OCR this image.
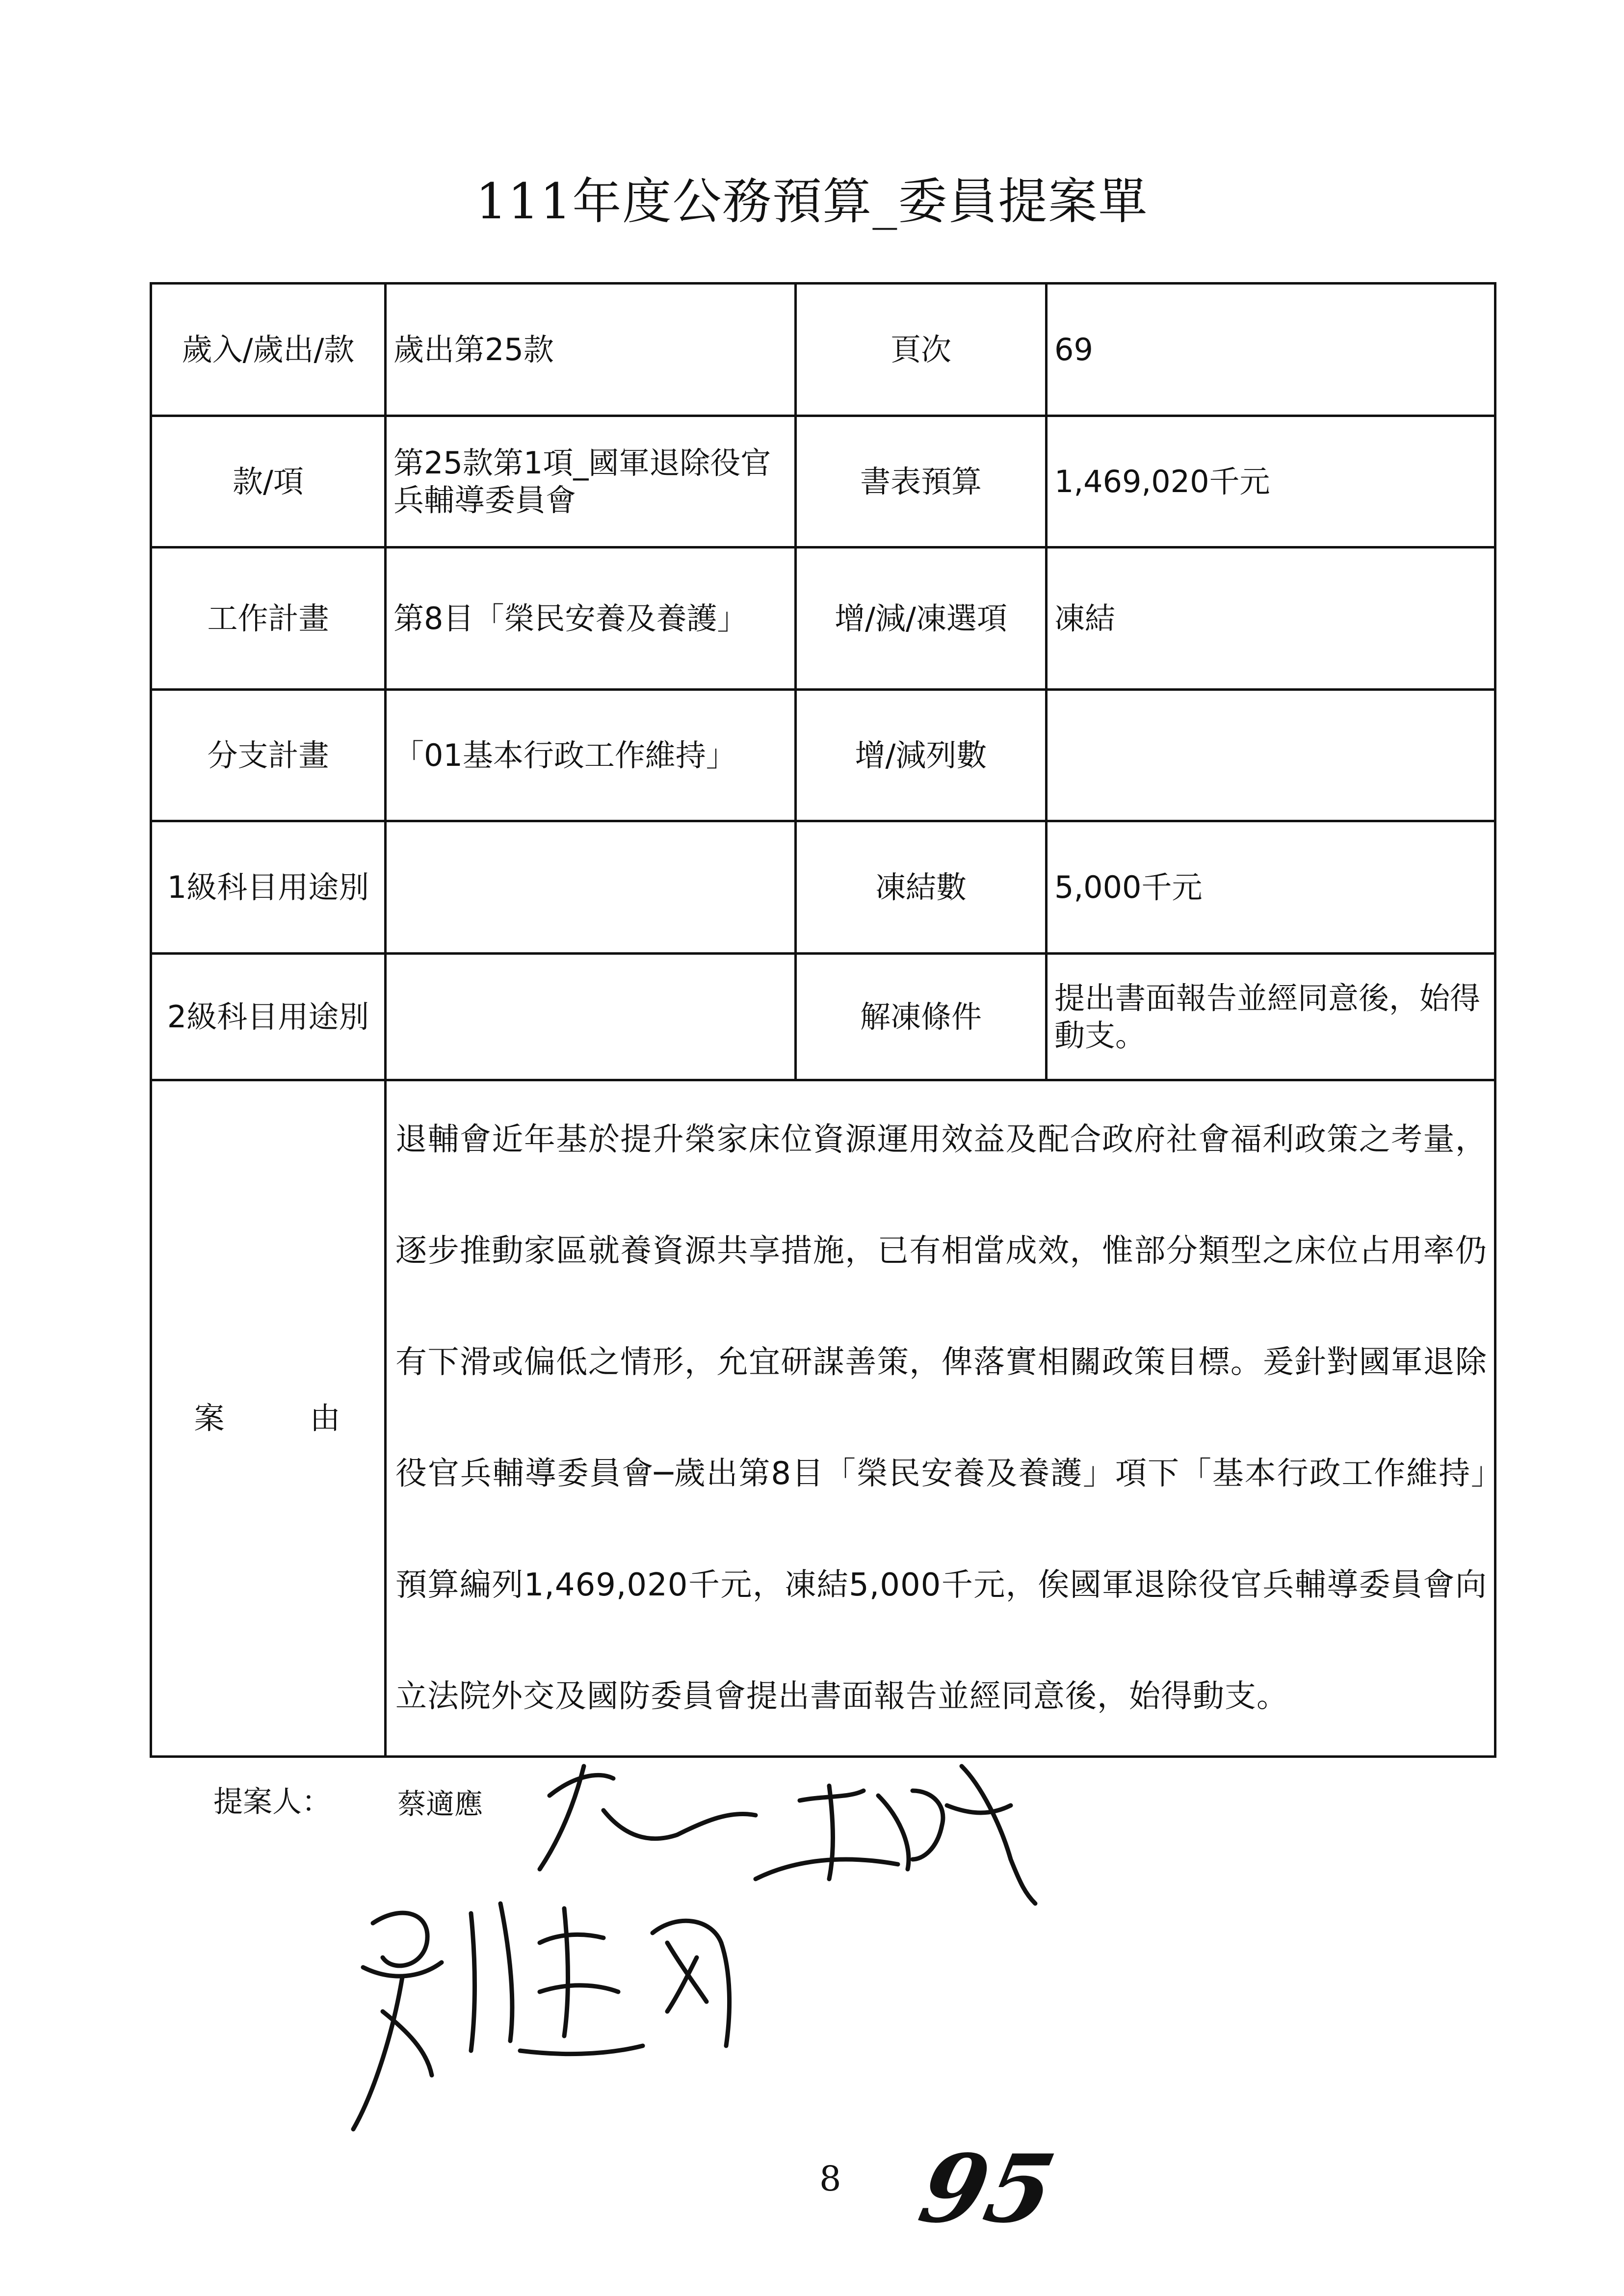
111年度公務預算_委員提案單
歲入/歲出/款	歲出第25款	頁次	69
款/項	第25款第1項_國軍退除役官兵輔導委員會	書表預算	1,469,020千元
工作計畫	第8目「榮民安養及養護」	增/減/凍選項	凍結
分支計畫	「01基本行政工作維持」	增/減列數	
1級科目用途別		凍結數	5,000千元
2級科目用途別		解凍條件	提出書面報告並經同意後，始得動支。
案 由	退輔會近年基於提升榮家床位資源運用效益及配合政府社會福利政策之考量，逐步推動家區就養資源共享措施，已有相當成效，惟部分類型之床位占用率仍有下滑或偏低之情形，允宜研謀善策，俾落實相關政策目標。爰針對國軍退除役官兵輔導委員會─歲出第8目「榮民安養及養護」項下「基本行政工作維持」預算編列1,469,020千元，凍結5,000千元，俟國軍退除役官兵輔導委員會向立法院外交及國防委員會提出書面報告並經同意後，始得動支。		

提案人： 蔡適應
8 95
